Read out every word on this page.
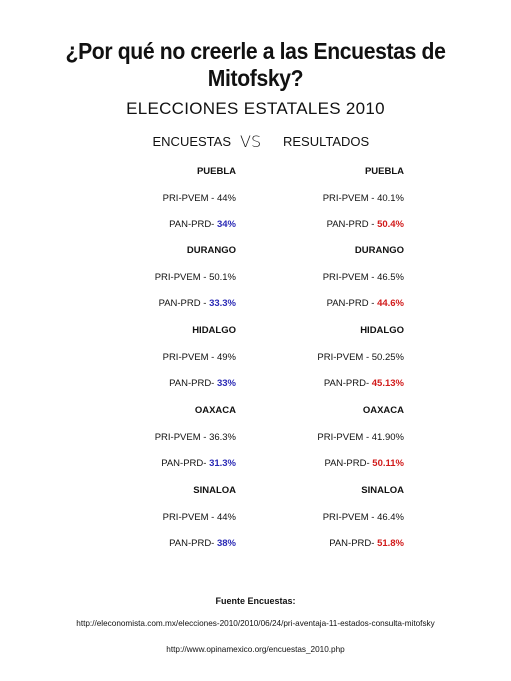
¿Por qué no creerle a las Encuestas de Mitofsky?
ELECCIONES ESTATALES 2010
ENCUESTAS VS RESULTADOS
PUEBLA
PRI-PVEM - 44%
PAN-PRD- 34%
DURANGO
PRI-PVEM - 50.1%
PAN-PRD - 33.3%
HIDALGO
PRI-PVEM - 49%
PAN-PRD- 33%
OAXACA
PRI-PVEM - 36.3%
PAN-PRD- 31.3%
SINALOA
PRI-PVEM - 44%
PAN-PRD- 38%
PUEBLA
PRI-PVEM - 40.1%
PAN-PRD - 50.4%
DURANGO
PRI-PVEM - 46.5%
PAN-PRD - 44.6%
HIDALGO
PRI-PVEM - 50.25%
PAN-PRD- 45.13%
OAXACA
PRI-PVEM - 41.90%
PAN-PRD- 50.11%
SINALOA
PRI-PVEM - 46.4%
PAN-PRD- 51.8%
Fuente Encuestas:
http://eleconomista.com.mx/elecciones-2010/2010/06/24/pri-aventaja-11-estados-consulta-mitofsky
http://www.opinamexico.org/encuestas_2010.php
